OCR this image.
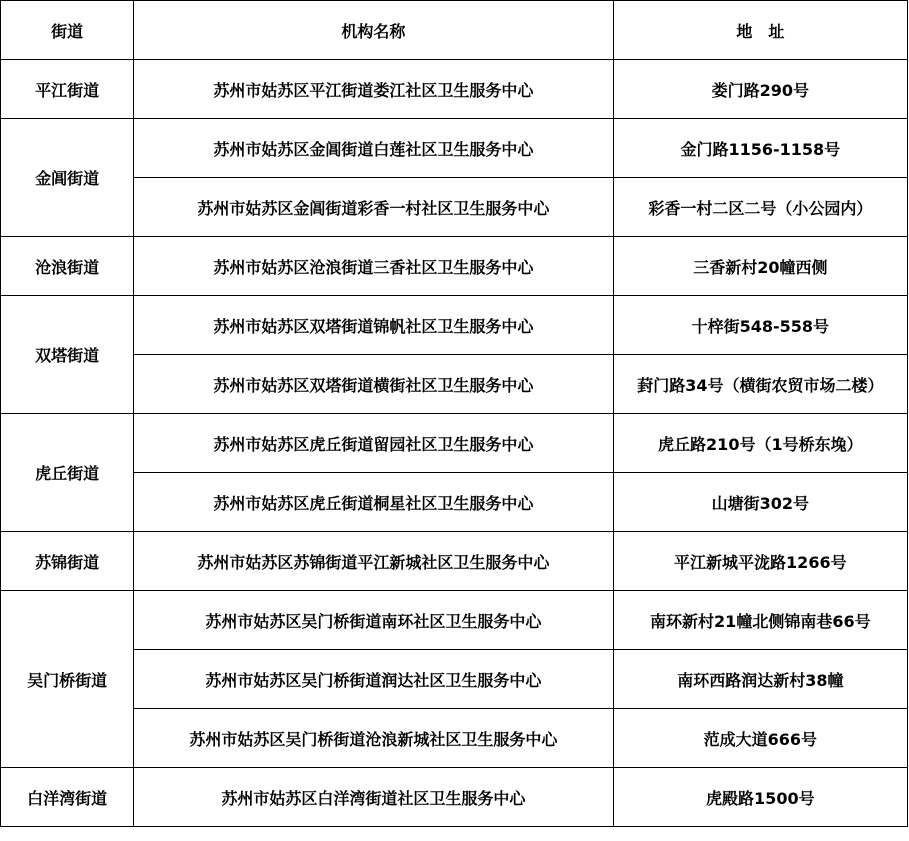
街道	机构名称	地　址
平江街道	苏州市姑苏区平江街道娄江社区卫生服务中心	娄门路290号
金阊街道	苏州市姑苏区金阊街道白莲社区卫生服务中心	金门路1156-1158号
	苏州市姑苏区金阊街道彩香一村社区卫生服务中心	彩香一村二区二号（小公园内）
沧浪街道	苏州市姑苏区沧浪街道三香社区卫生服务中心	三香新村20幢西侧
双塔街道	苏州市姑苏区双塔街道锦帆社区卫生服务中心	十梓街548-558号
	苏州市姑苏区双塔街道横街社区卫生服务中心	葑门路34号（横街农贸市场二楼）
虎丘街道	苏州市姑苏区虎丘街道留园社区卫生服务中心	虎丘路210号（1号桥东堍）
	苏州市姑苏区虎丘街道桐星社区卫生服务中心	山塘街302号
苏锦街道	苏州市姑苏区苏锦街道平江新城社区卫生服务中心	平江新城平泷路1266号
吴门桥街道	苏州市姑苏区吴门桥街道南环社区卫生服务中心	南环新村21幢北侧锦南巷66号
	苏州市姑苏区吴门桥街道润达社区卫生服务中心	南环西路润达新村38幢
	苏州市姑苏区吴门桥街道沧浪新城社区卫生服务中心	范成大道666号
白洋湾街道	苏州市姑苏区白洋湾街道社区卫生服务中心	虎殿路1500号
